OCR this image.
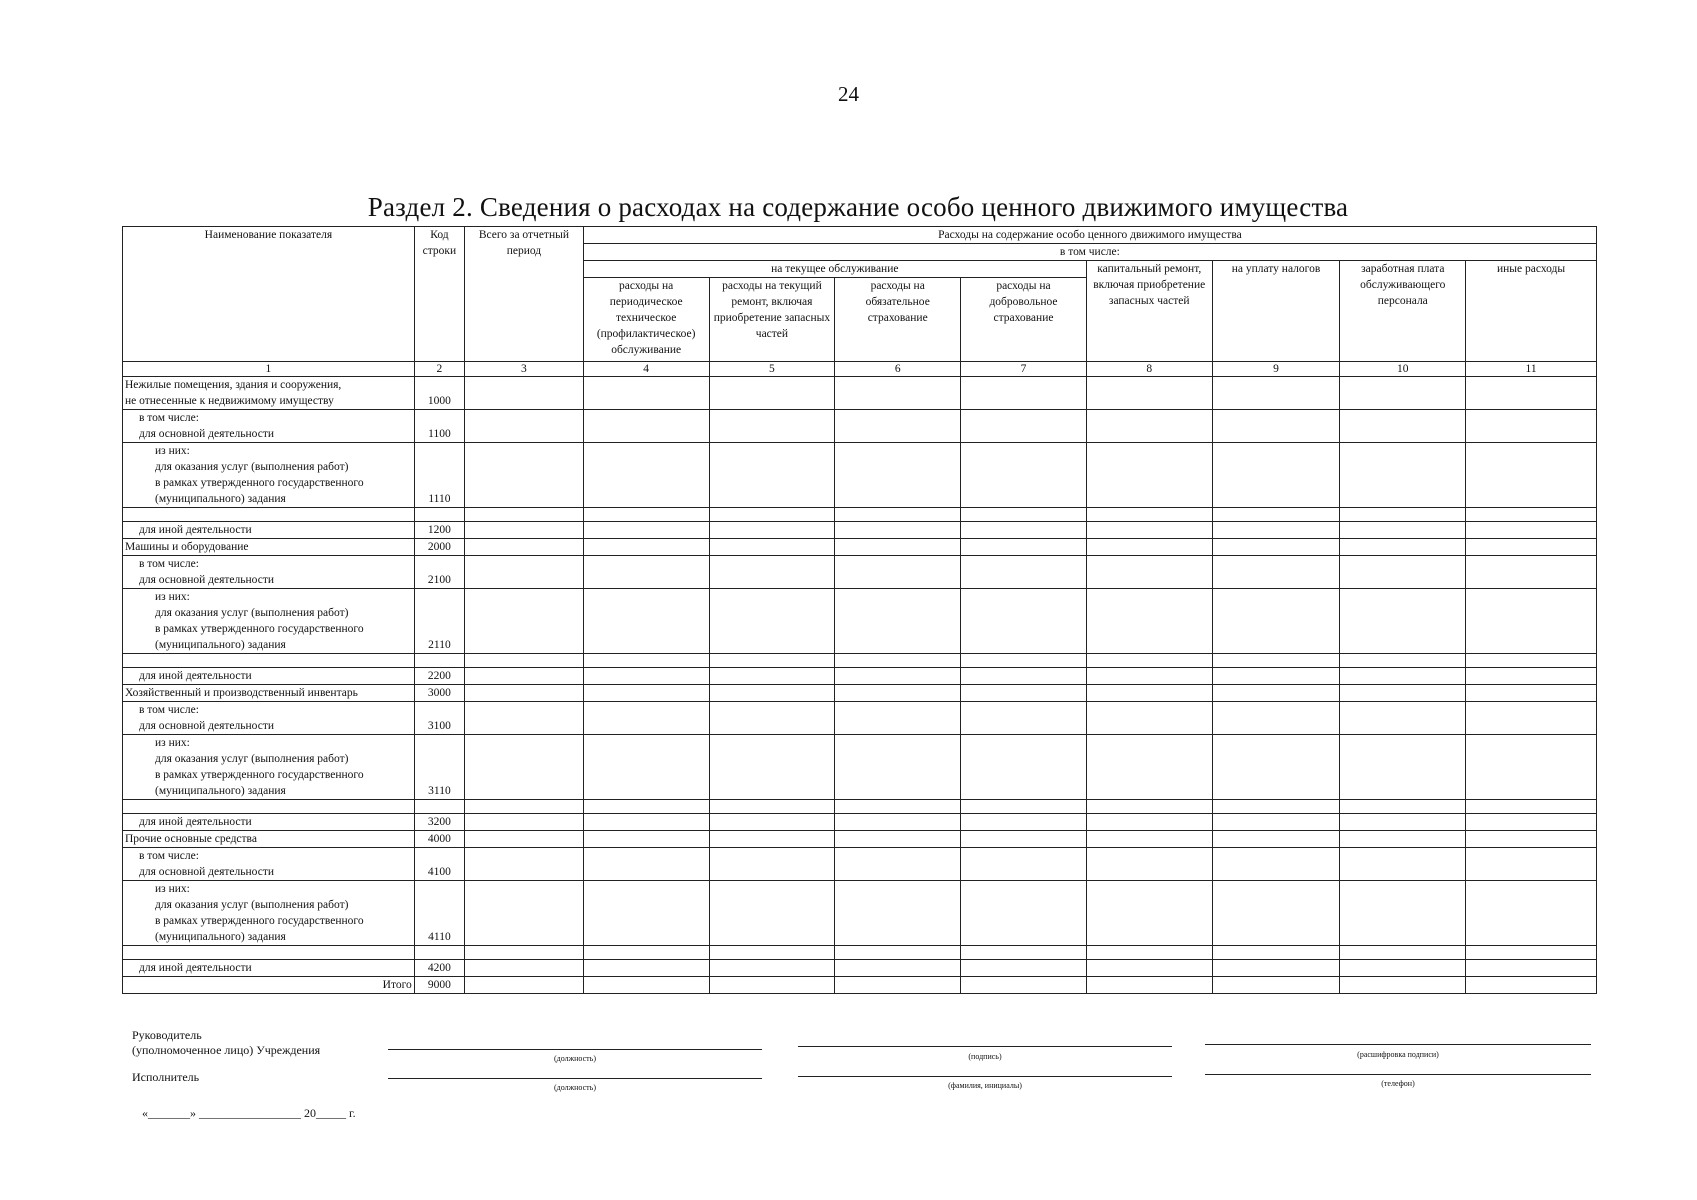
24
Раздел 2. Сведения о расходах на содержание особо ценного движимого имущества
Наименование показателя	Код строки	Всего за отчетный период	Расходы на содержание особо ценного движимого имущества							
			в том числе:							
			на текущее обслуживание				капитальный ремонт, включая приобретение запасных частей	на уплату налогов	заработная плата обслуживающего персонала	иные расходы
			расходы на периодическое техническое (профилактическое) обслуживание	расходы на текущий ремонт, включая приобретение запасных частей	расходы на обязательное страхование	расходы на добровольное страхование				
1	2	3	4	5	6	7	8	9	10	11

Нежилые помещения, здания и сооружения,
не отнесенные к недвижимому имуществу	1000									

в том числе:
для основной деятельности	1100									

из них:
для оказания услуг (выполнения работ)
в рамках утвержденного государственного
(муниципального) задания	1110									

для иной деятельности	1200									
Машины и оборудование	2000									

в том числе:
для основной деятельности	2100									

из них:
для оказания услуг (выполнения работ)
в рамках утвержденного государственного
(муниципального) задания	2110									

для иной деятельности	2200									
Хозяйственный и производственный инвентарь	3000									

в том числе:
для основной деятельности	3100									

из них:
для оказания услуг (выполнения работ)
в рамках утвержденного государственного
(муниципального) задания	3110									

для иной деятельности	3200									
Прочие основные средства	4000									

в том числе:
для основной деятельности	4100									

из них:
для оказания услуг (выполнения работ)
в рамках утвержденного государственного
(муниципального) задания	4110									

для иной деятельности	4200									
Итого	9000									
Руководитель
(уполномоченное лицо) Учреждения
(должность)	(подпись)	(расшифровка подписи)
Исполнитель
(должность)	(фамилия, инициалы)	(телефон)
«_______» _________________ 20_____ г.
